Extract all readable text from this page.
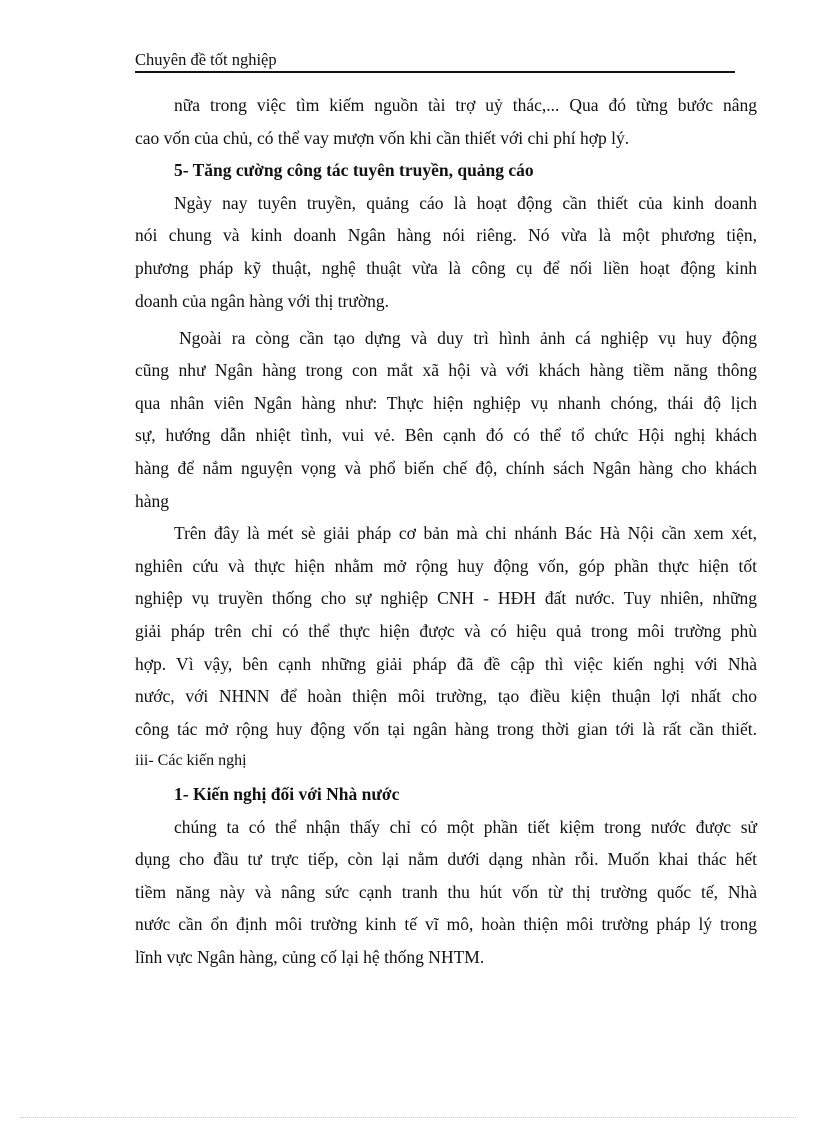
Chuyên đề tốt nghiệp
nữa trong việc tìm kiếm nguồn tài trợ uỷ thác,... Qua đó từng bước nâng
cao vốn của chủ, có thể vay mượn vốn khi cần thiết với chi phí hợp lý.
5- Tăng cường công tác tuyên truyền, quảng cáo
Ngày nay tuyên truyền, quảng cáo là hoạt động cần thiết của kinh doanh
nói chung và kinh doanh Ngân hàng nói riêng. Nó vừa là một phương tiện,
phương pháp kỹ thuật, nghệ thuật vừa là công cụ để nối liền hoạt động kinh
doanh của ngân hàng với thị trường.
Ngoài ra còng cần tạo dựng và duy trì hình ảnh cá nghiệp vụ huy động
cũng như Ngân hàng trong con mắt xã hội và với khách hàng tiềm năng thông
qua nhân viên Ngân hàng như: Thực hiện nghiệp vụ nhanh chóng, thái độ lịch
sự, hướng dẫn nhiệt tình, vui vẻ. Bên cạnh đó có thể tổ chức Hội nghị khách
hàng để nắm nguyện vọng và phổ biến chế độ, chính sách Ngân hàng cho khách
hàng
Trên đây là mét sè giải pháp cơ bản mà chi nhánh Bác Hà Nội cần xem xét,
nghiên cứu và thực hiện nhằm mở rộng huy động vốn, góp phần thực hiện tốt
nghiệp vụ truyền thống cho sự nghiệp CNH - HĐH đất nước. Tuy nhiên, những
giải pháp trên chỉ có thể thực hiện được và có hiệu quả trong môi trường phù
hợp. Vì vậy, bên cạnh những giải pháp đã đề cập thì việc kiến nghị với Nhà
nước, với NHNN để hoàn thiện môi trường, tạo điều kiện thuận lợi nhất cho
công tác mở rộng huy động vốn tại ngân hàng trong thời gian tới là rất cần thiết.
iii- Các kiến nghị
1- Kiến nghị đối với Nhà nước
chúng ta có thể nhận thấy chỉ có một phần tiết kiệm trong nước được sử
dụng cho đầu tư trực tiếp, còn lại nằm dưới dạng nhàn rỗi. Muốn khai thác hết
tiềm năng này và nâng sức cạnh tranh thu hút vốn từ thị trường quốc tế, Nhà
nước cần ổn định môi trường kinh tế vĩ mô, hoàn thiện môi trường pháp lý trong
lĩnh vực Ngân hàng, củng cố lại hệ thống NHTM.
